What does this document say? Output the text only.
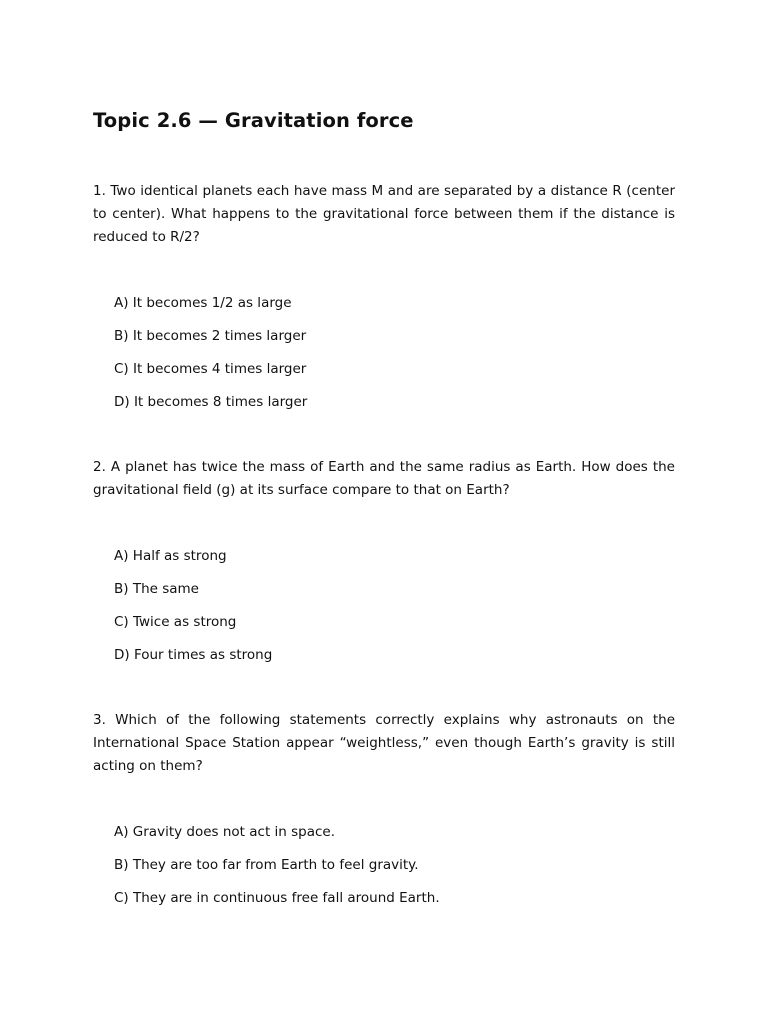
Topic 2.6 — Gravitation force

1. Two identical planets each have mass M and are separated by a distance R (center to center). What happens to the gravitational force between them if the distance is reduced to R/2?

A) It becomes 1/2 as large

B) It becomes 2 times larger

C) It becomes 4 times larger

D) It becomes 8 times larger

2. A planet has twice the mass of Earth and the same radius as Earth. How does the gravitational field (g) at its surface compare to that on Earth?

A) Half as strong

B) The same

C) Twice as strong

D) Four times as strong

3. Which of the following statements correctly explains why astronauts on the International Space Station appear “weightless,” even though Earth’s gravity is still acting on them?

A) Gravity does not act in space.

B) They are too far from Earth to feel gravity.

C) They are in continuous free fall around Earth.
